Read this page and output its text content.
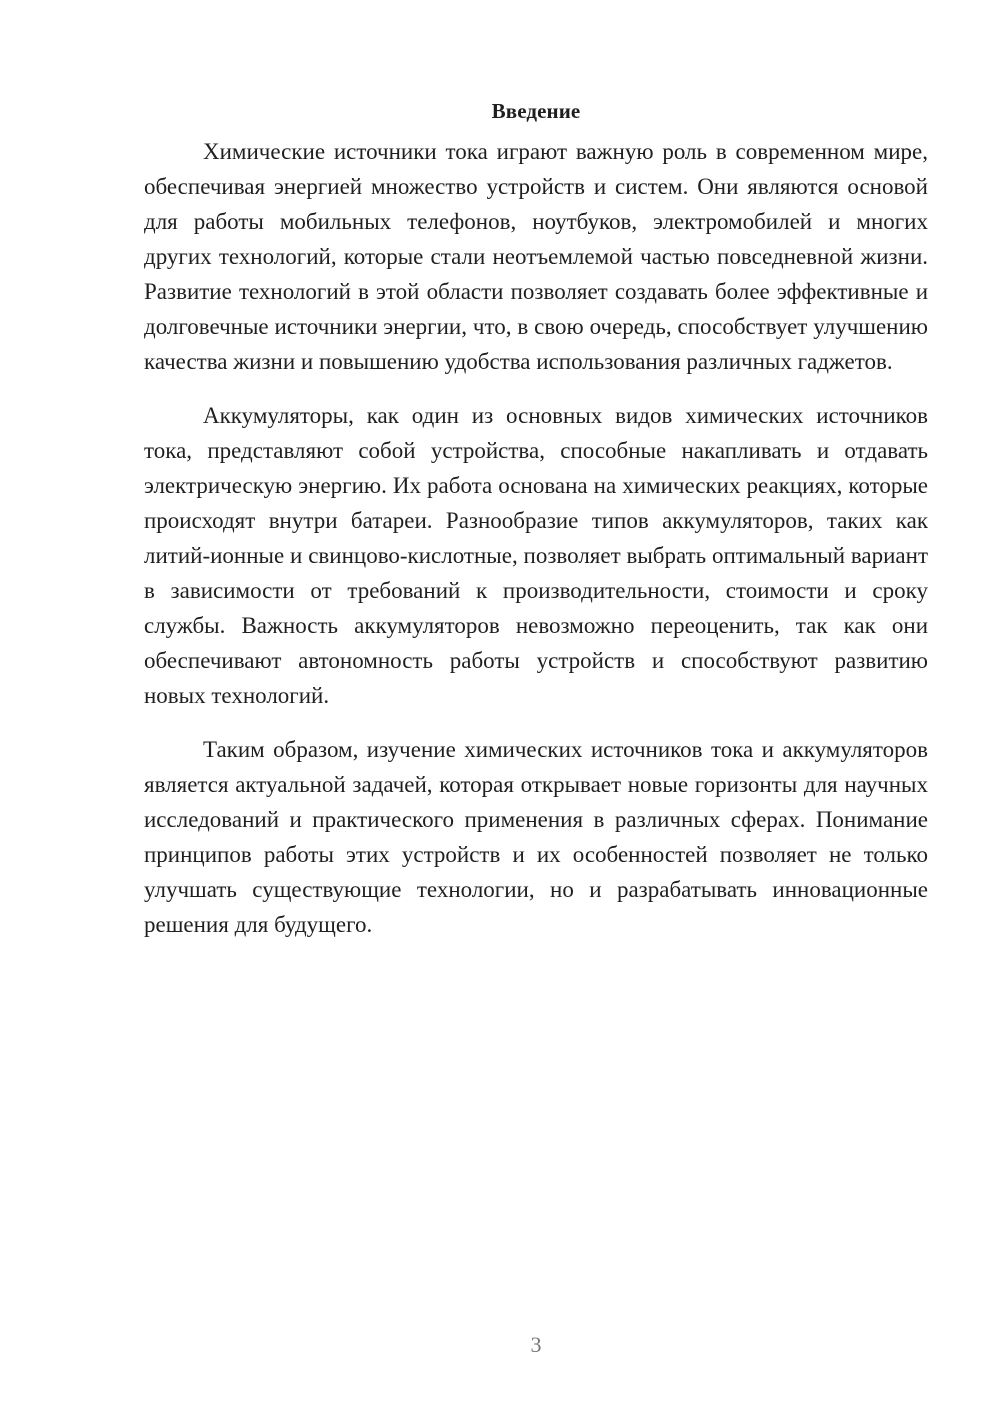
Введение

Химические источники тока играют важную роль в современном мире, обеспечивая энергией множество устройств и систем. Они являются основой для работы мобильных телефонов, ноутбуков, электромобилей и многих других технологий, которые стали неотъемлемой частью повседневной жизни. Развитие технологий в этой области позволяет создавать более эффективные и долговечные источники энергии, что, в свою очередь, способствует улучшению качества жизни и повышению удобства использования различных гаджетов.

Аккумуляторы, как один из основных видов химических источников тока, представляют собой устройства, способные накапливать и отдавать электрическую энергию. Их работа основана на химических реакциях, которые происходят внутри батареи. Разнообразие типов аккумуляторов, таких как литий-ионные и свинцово-кислотные, позволяет выбрать оптимальный вариант в зависимости от требований к производительности, стоимости и сроку службы. Важность аккумуляторов невозможно переоценить, так как они обеспечивают автономность работы устройств и способствуют развитию новых технологий.

Таким образом, изучение химических источников тока и аккумуляторов является актуальной задачей, которая открывает новые горизонты для научных исследований и практического применения в различных сферах. Понимание принципов работы этих устройств и их особенностей позволяет не только улучшать существующие технологии, но и разрабатывать инновационные решения для будущего.

3
